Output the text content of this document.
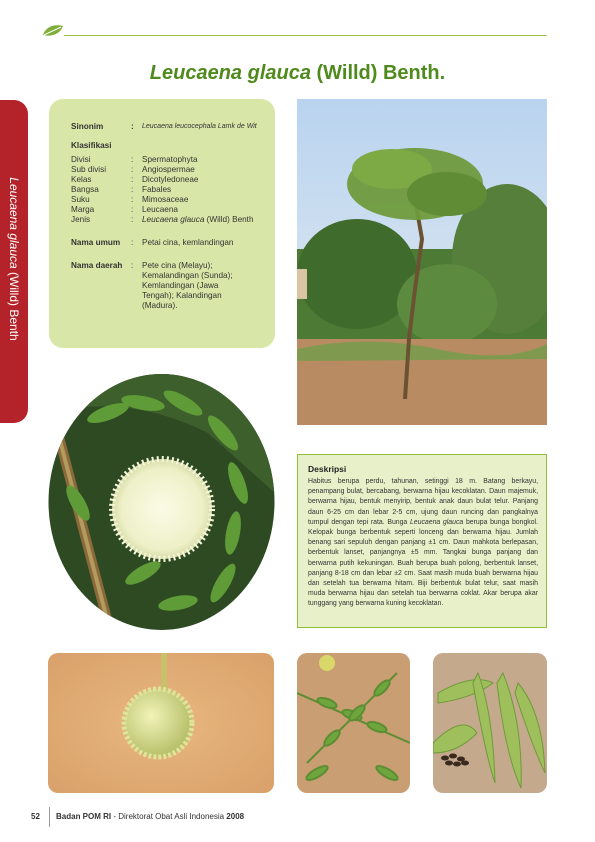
Leucaena glauca (Willd) Benth.
Leucaena glauca (Willd) Benth
Sinonim	:	Leucaena leucocephala Lamk de Wit
Klasifikasi
Divisi	:	Spermatophyta
Sub divisi	:	Angiospermae
Kelas	:	Dicotyledoneae
Bangsa	:	Fabales
Suku	:	Mimosaceae
Marga	:	Leucaena
Jenis	:	Leucaena glauca (Willd) Benth
Nama umum	:	Petai cina, kemlandingan
Nama daerah	:	Pete cina (Melayu);
Kemalandingan (Sunda);
Kemlandingan (Jawa
Tengah); Kalandingan
(Madura).
Deskripsi
Habitus berupa perdu, tahunan, setinggi 18 m. Batang berkayu, penampang bulat, bercabang, berwarna hijau kecoklatan. Daun majemuk, berwarna hijau, bentuk menyirip, bentuk anak daun bulat telur. Panjang daun 6-25 cm dan lebar 2-5 cm, ujung daun runcing dan pangkalnya tumpul dengan tepi rata. Bunga Leucaena glauca berupa bunga bongkol. Kelopak bunga berbentuk seperti lonceng dan berwarna hijau. Jumlah benang sari sepuluh dengan panjang ±1 cm. Daun mahkota berlepasan, berbentuk lanset, panjangnya ±5 mm. Tangkai bunga panjang dan berwarna putih kekuningan. Buah berupa buah polong, berbentuk lanset, panjang 8-18 cm dan lebar ±2 cm. Saat masih muda buah berwarna hijau dan setelah tua berwarna hitam. Biji berbentuk bulat telur, saat masih muda berwarna hijau dan setelah tua berwarna coklat. Akar berupa akar tunggang yang berwarna kuning kecoklatan.
52 Badan POM RI - Direktorat Obat Asli Indonesia 2008
